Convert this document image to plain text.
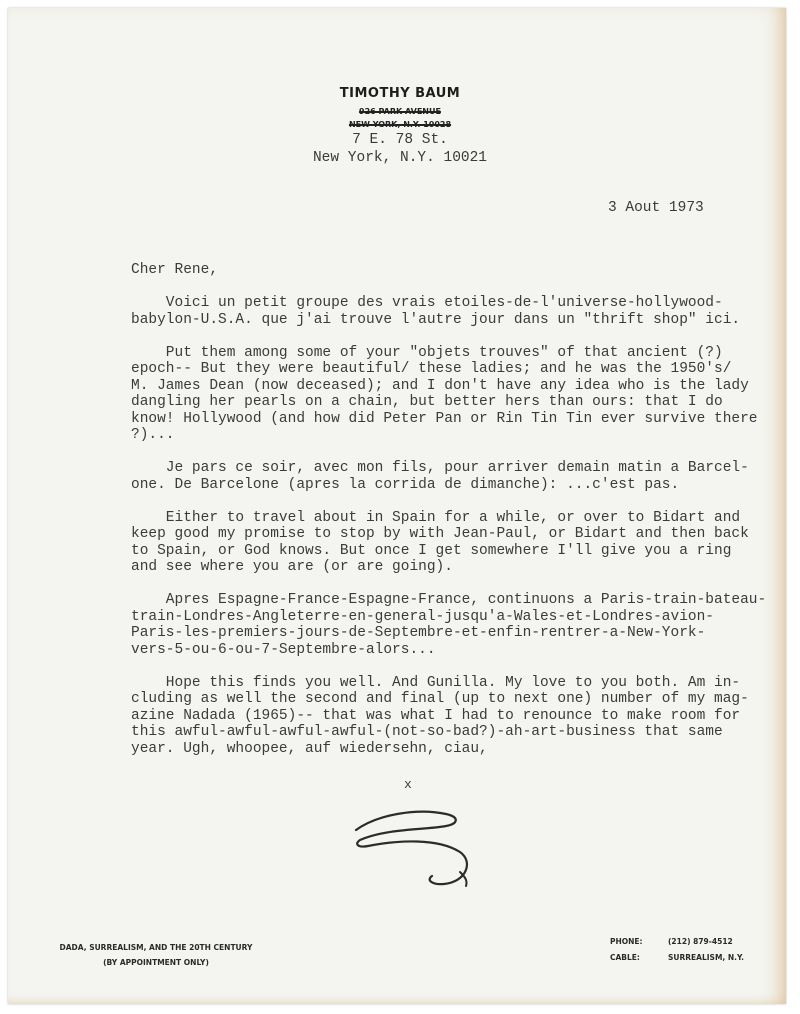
TIMOTHY BAUM
926 PARK AVENUE
NEW YORK, N.Y. 10028
7 E. 78 St.
New York, N.Y. 10021
3 Aout 1973
Cher Rene,
Voici un petit groupe des vrais etoiles-de-l'universe-hollywood-
babylon-U.S.A. que j'ai trouve l'autre jour dans un "thrift shop" ici.
Put them among some of your "objets trouves" of that ancient (?)
epoch-- But they were beautiful/ these ladies; and he was the 1950's/
M. James Dean (now deceased); and I don't have any idea who is the lady
dangling her pearls on a chain, but better hers than ours: that I do
know! Hollywood (and how did Peter Pan or Rin Tin Tin ever survive there
?)...
Je pars ce soir, avec mon fils, pour arriver demain matin a Barcel-
one. De Barcelone (apres la corrida de dimanche): ...c'est pas.
Either to travel about in Spain for a while, or over to Bidart and
keep good my promise to stop by with Jean-Paul, or Bidart and then back
to Spain, or God knows. But once I get somewhere I'll give you a ring
and see where you are (or are going).
Apres Espagne-France-Espagne-France, continuons a Paris-train-bateau-
train-Londres-Angleterre-en-general-jusqu'a-Wales-et-Londres-avion-
Paris-les-premiers-jours-de-Septembre-et-enfin-rentrer-a-New-York-
vers-5-ou-6-ou-7-Septembre-alors...
Hope this finds you well. And Gunilla. My love to you both. Am in-
cluding as well the second and final (up to next one) number of my mag-
azine Nadada (1965)-- that was what I had to renounce to make room for
this awful-awful-awful-awful-(not-so-bad?)-ah-art-business that same
year. Ugh, whoopee, auf wiedersehn, ciau,
x
DADA, SURREALISM, AND THE 20TH CENTURY
(BY APPOINTMENT ONLY)
PHONE:	(212) 879-4512
CABLE:	SURREALISM, N.Y.
